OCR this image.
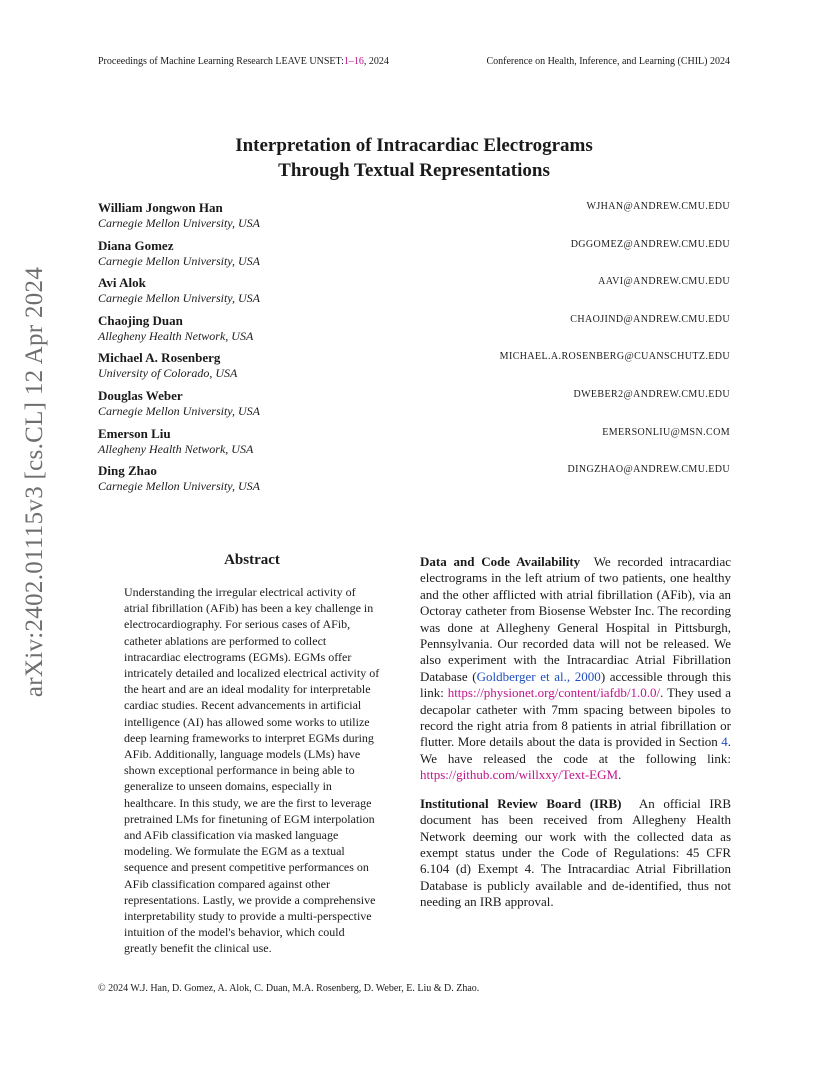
Proceedings of Machine Learning Research LEAVE UNSET:1–16, 2024	Conference on Health, Inference, and Learning (CHIL) 2024
arXiv:2402.01115v3 [cs.CL] 12 Apr 2024
Interpretation of Intracardiac Electrograms
Through Textual Representations
William Jongwon Han
Carnegie Mellon University, USA
WJHAN@ANDREW.CMU.EDU
Diana Gomez
Carnegie Mellon University, USA
DGGOMEZ@ANDREW.CMU.EDU
Avi Alok
Carnegie Mellon University, USA
AAVI@ANDREW.CMU.EDU
Chaojing Duan
Allegheny Health Network, USA
CHAOJIND@ANDREW.CMU.EDU
Michael A. Rosenberg
University of Colorado, USA
MICHAEL.A.ROSENBERG@CUANSCHUTZ.EDU
Douglas Weber
Carnegie Mellon University, USA
DWEBER2@ANDREW.CMU.EDU
Emerson Liu
Allegheny Health Network, USA
EMERSONLIU@MSN.COM
Ding Zhao
Carnegie Mellon University, USA
DINGZHAO@ANDREW.CMU.EDU
Abstract
Understanding the irregular electrical activity of atrial fibrillation (AFib) has been a key challenge in electrocardiography. For serious cases of AFib, catheter ablations are performed to collect intracardiac electrograms (EGMs). EGMs offer intricately detailed and localized electrical activity of the heart and are an ideal modality for interpretable cardiac studies. Recent advancements in artificial intelligence (AI) has allowed some works to utilize deep learning frameworks to interpret EGMs during AFib. Additionally, language models (LMs) have shown exceptional performance in being able to generalize to unseen domains, especially in healthcare. In this study, we are the first to leverage pretrained LMs for finetuning of EGM interpolation and AFib classification via masked language modeling. We formulate the EGM as a textual sequence and present competitive performances on AFib classification compared against other representations. Lastly, we provide a comprehensive interpretability study to provide a multi-perspective intuition of the model's behavior, which could greatly benefit the clinical use.

Data and Code Availability We recorded intracardiac electrograms in the left atrium of two patients, one healthy and the other afflicted with atrial fibrillation (AFib), via an Octoray catheter from Biosense Webster Inc. The recording was done at Allegheny General Hospital in Pittsburgh, Pennsylvania. Our recorded data will not be released. We also experiment with the Intracardiac Atrial Fibrillation Database (Goldberger et al., 2000) accessible through this link: https://physionet.org/content/iafdb/1.0.0/. They used a decapolar catheter with 7mm spacing between bipoles to record the right atria from 8 patients in atrial fibrillation or flutter. More details about the data is provided in Section 4. We have released the code at the following link: https://github.com/willxxy/Text-EGM.

Institutional Review Board (IRB) An official IRB document has been received from Allegheny Health Network deeming our work with the collected data as exempt status under the Code of Regulations: 45 CFR 6.104 (d) Exempt 4. The Intracardiac Atrial Fibrillation Database is publicly available and de-identified, thus not needing an IRB approval.

© 2024 W.J. Han, D. Gomez, A. Alok, C. Duan, M.A. Rosenberg, D. Weber, E. Liu & D. Zhao.
